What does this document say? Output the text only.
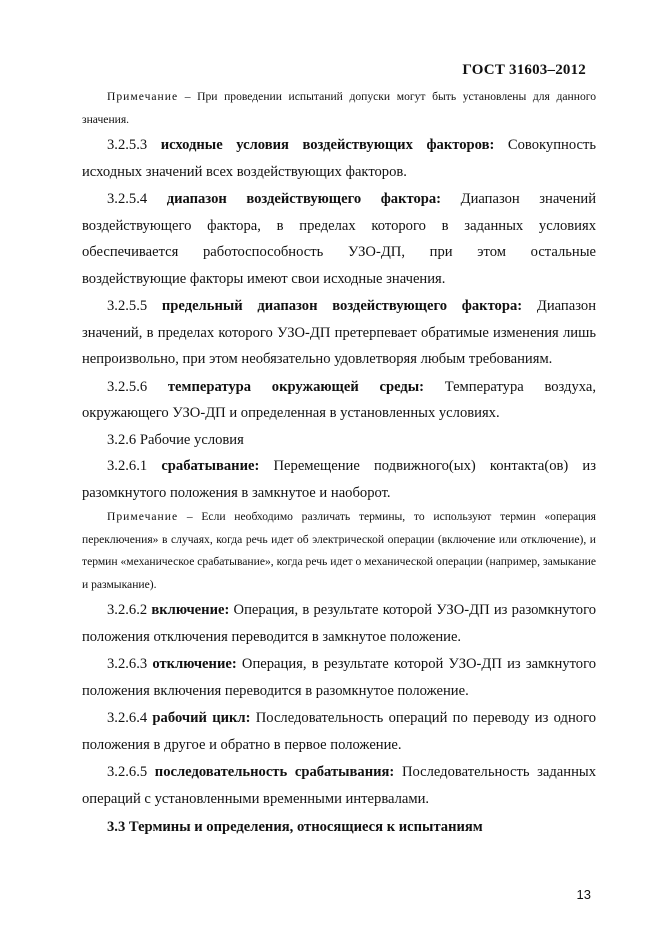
ГОСТ 31603–2012

Примечание – При проведении испытаний допуски могут быть установлены для данного значения.

3.2.5.3 исходные условия воздействующих факторов: Совокупность исходных значений всех воздействующих факторов.

3.2.5.4 диапазон воздействующего фактора: Диапазон значений воздействующего фактора, в пределах которого в заданных условиях обеспечивается работоспособность УЗО-ДП, при этом остальные воздействующие факторы имеют свои исходные значения.

3.2.5.5 предельный диапазон воздействующего фактора: Диапазон значений, в пределах которого УЗО-ДП претерпевает обратимые изменения лишь непроизвольно, при этом необязательно удовлетворяя любым требованиям.

3.2.5.6 температура окружающей среды: Температура воздуха, окружающего УЗО-ДП и определенная в установленных условиях.

3.2.6 Рабочие условия

3.2.6.1 срабатывание: Перемещение подвижного(ых) контакта(ов) из разомкнутого положения в замкнутое и наоборот.

Примечание – Если необходимо различать термины, то используют термин «операция переключения» в случаях, когда речь идет об электрической операции (включение или отключение), и термин «механическое срабатывание», когда речь идет о механической операции (например, замыкание и размыкание).

3.2.6.2 включение: Операция, в результате которой УЗО-ДП из разомкнутого положения отключения переводится в замкнутое положение.

3.2.6.3 отключение: Операция, в результате которой УЗО-ДП из замкнутого положения включения переводится в разомкнутое положение.

3.2.6.4 рабочий цикл: Последовательность операций по переводу из одного положения в другое и обратно в первое положение.

3.2.6.5 последовательность срабатывания: Последовательность заданных операций с установленными временными интервалами.

3.3 Термины и определения, относящиеся к испытаниям

13
